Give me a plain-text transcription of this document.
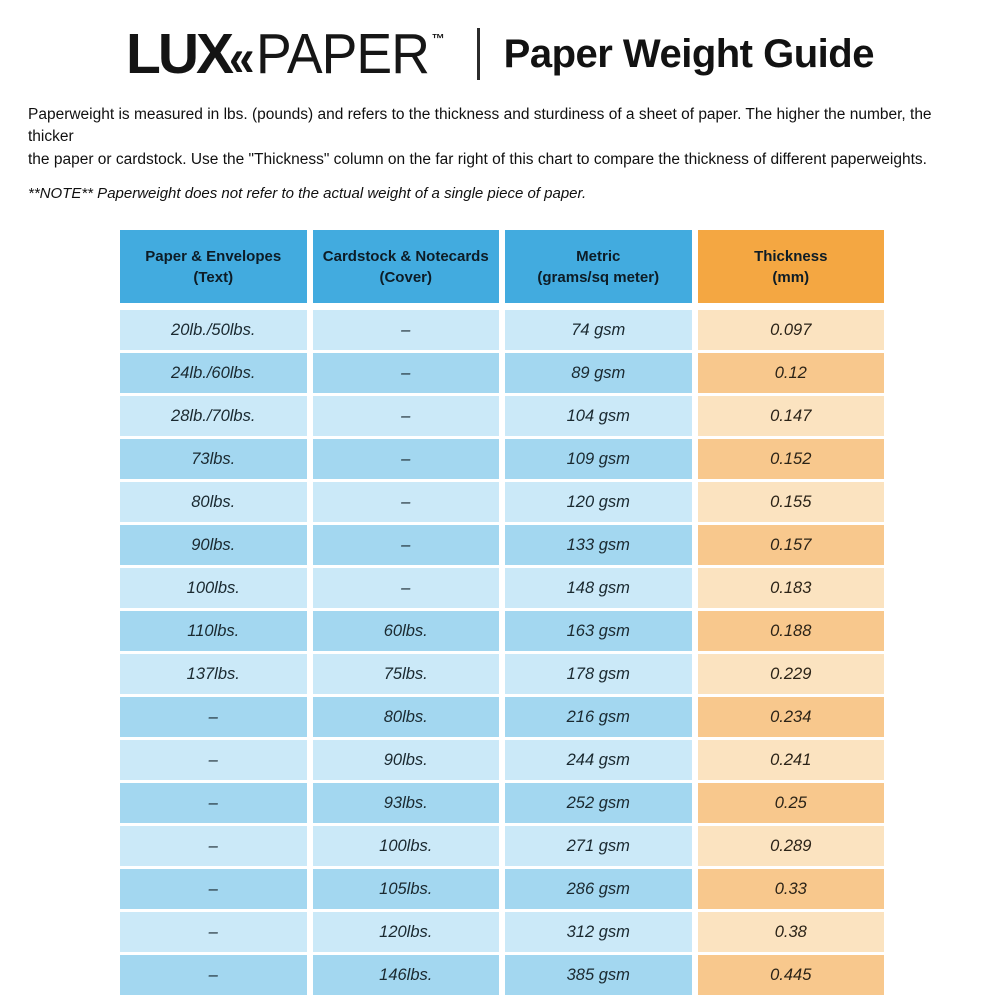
LUX
« PAPER ™ Paper Weight Guide

Paperweight is measured in lbs. (pounds) and refers to the thickness and sturdiness of a sheet of paper. The higher the number, the thicker
the paper or cardstock. Use the "Thickness" column on the far right of this chart to compare the thickness of different paperweights.

**NOTE** Paperweight does not refer to the actual weight of a single piece of paper.

Paper & Envelopes
(Text)
Cardstock & Notecards
(Cover)
Metric
(grams/sq meter)
Thickness
(mm)
20lb./50lbs.	–	74 gsm	0.097
24lb./60lbs.	–	89 gsm	0.12
28lb./70lbs.	–	104 gsm	0.147
73lbs.	–	109 gsm	0.152
80lbs.	–	120 gsm	0.155
90lbs.	–	133 gsm	0.157
100lbs.	–	148 gsm	0.183
110lbs.	60lbs.	163 gsm	0.188
137lbs.	75lbs.	178 gsm	0.229
–	80lbs.	216 gsm	0.234
–	90lbs.	244 gsm	0.241
–	93lbs.	252 gsm	0.25
–	100lbs.	271 gsm	0.289
–	105lbs.	286 gsm	0.33
–	120lbs.	312 gsm	0.38
–	146lbs.	385 gsm	0.445
